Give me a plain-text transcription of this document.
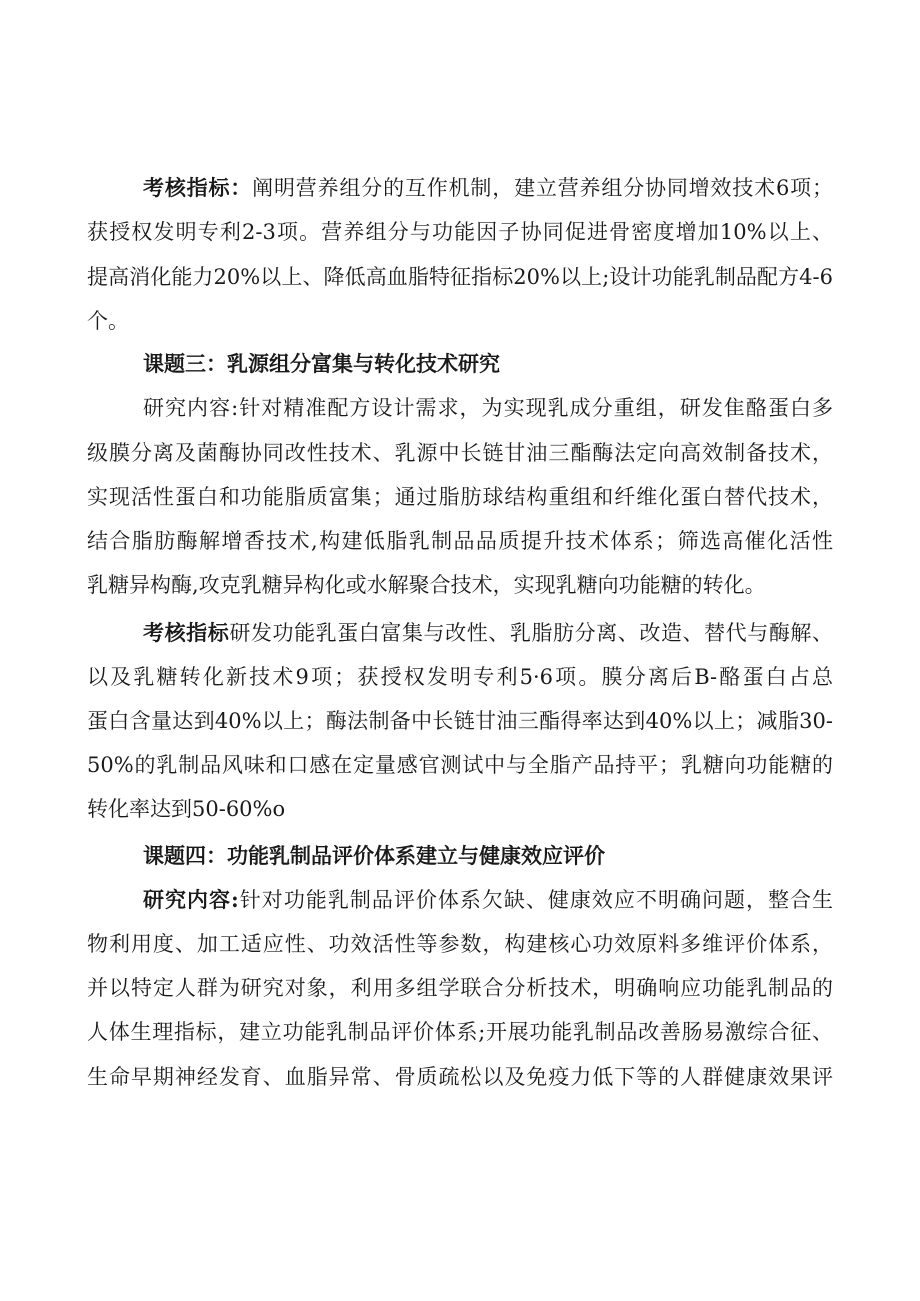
考核指标：阐明营养组分的互作机制，建立营养组分协同增效技术6项；
获授权发明专利2-3项。营养组分与功能因子协同促进骨密度增加10%以上、
提高消化能力20%以上、降低高血脂特征指标20%以上;设计功能乳制品配方4-6
个。
课题三：乳源组分富集与转化技术研究
研究内容:针对精准配方设计需求，为实现乳成分重组，研发隹酪蛋白多
级膜分离及菌酶协同改性技术、乳源中长链甘油三酯酶法定向高效制备技术，
实现活性蛋白和功能脂质富集；通过脂肪球结构重组和纤维化蛋白替代技术，
结合脂肪酶解增香技术,构建低脂乳制品品质提升技术体系；筛选高催化活性
乳糖异构酶,攻克乳糖异构化或水解聚合技术，实现乳糖向功能糖的转化。
考核指标研发功能乳蛋白富集与改性、乳脂肪分离、改造、替代与酶解、
以及乳糖转化新技术9项；获授权发明专利5·6项。膜分离后B-酪蛋白占总
蛋白含量达到40%以上；酶法制备中长链甘油三酯得率达到40%以上；减脂30-
50%的乳制品风味和口感在定量感官测试中与全脂产品持平；乳糖向功能糖的
转化率达到50-60%o
课题四：功能乳制品评价体系建立与健康效应评价
研究内容:针对功能乳制品评价体系欠缺、健康效应不明确问题，整合生
物利用度、加工适应性、功效活性等参数，构建核心功效原料多维评价体系，
并以特定人群为研究对象，利用多组学联合分析技术，明确响应功能乳制品的
人体生理指标，建立功能乳制品评价体系;开展功能乳制品改善肠易激综合征、
生命早期神经发育、血脂异常、骨质疏松以及免疫力低下等的人群健康效果评
